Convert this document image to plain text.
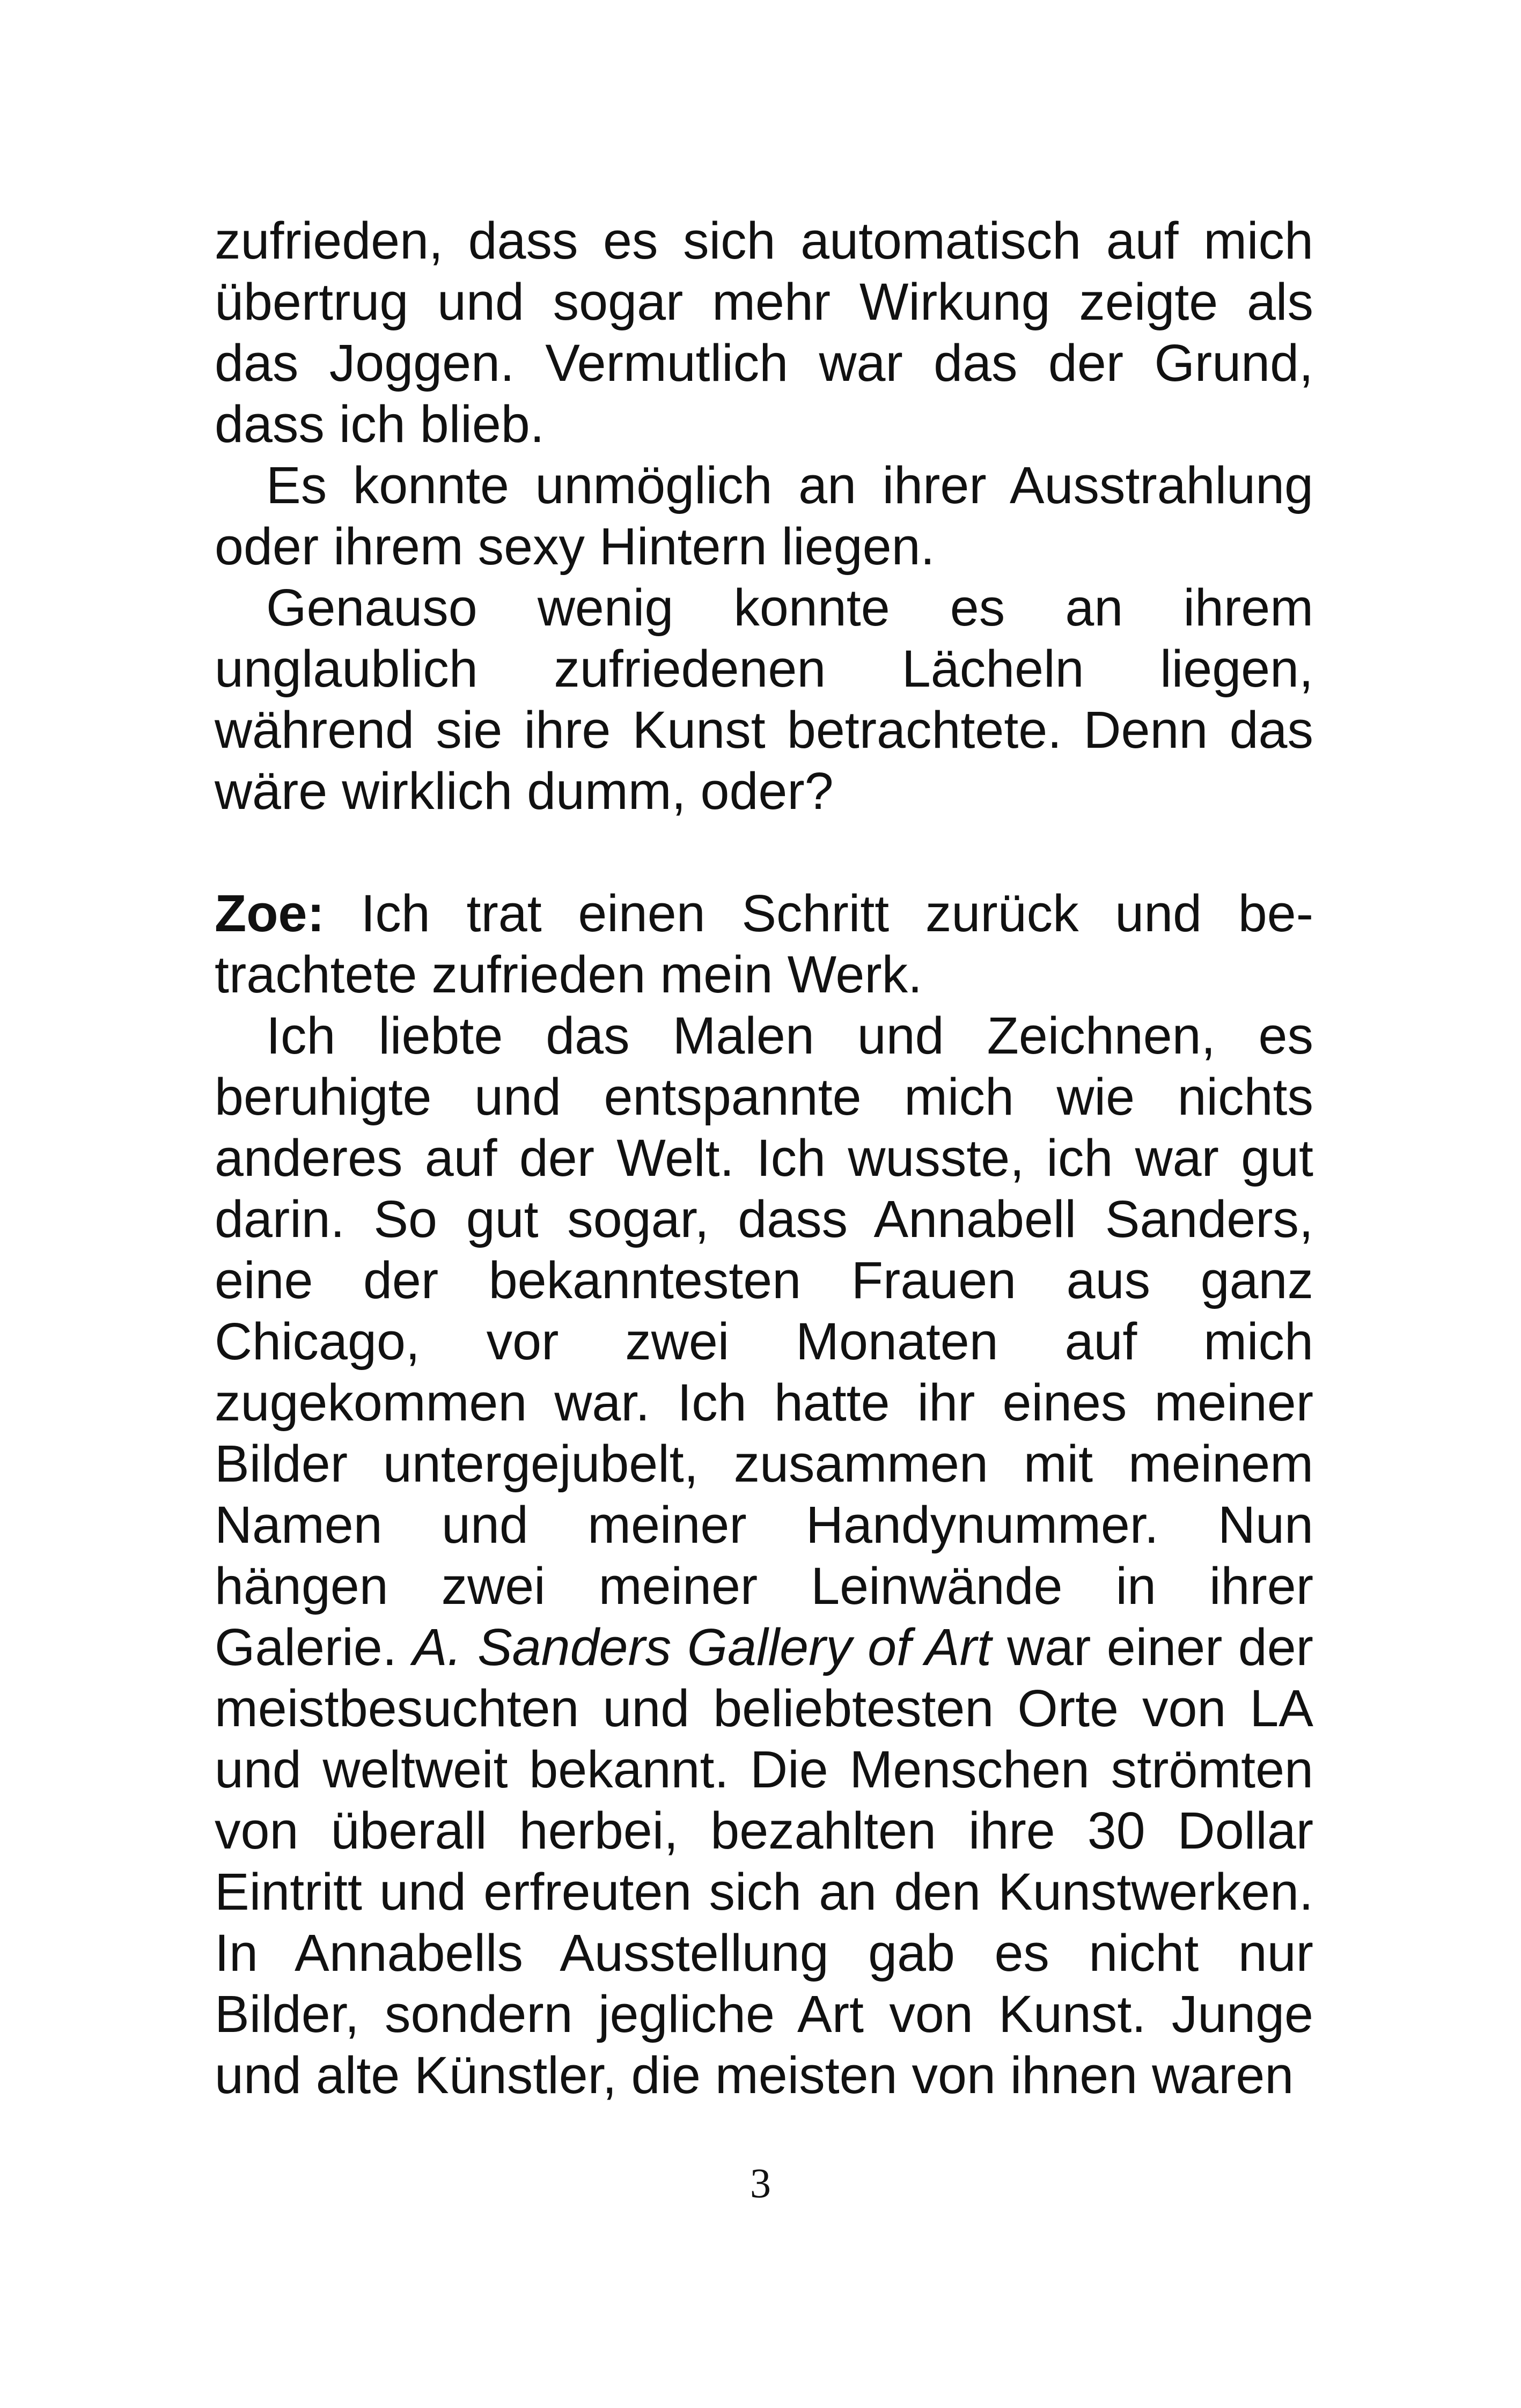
zufrieden, dass es sich automatisch auf mich übertrug und sogar mehr Wirkung zeigte als das Joggen. Vermutlich war das der Grund, dass ich blieb.

Es konnte unmöglich an ihrer Ausstrahlung oder ihrem sexy Hintern liegen.

Genauso wenig konnte es an ihrem unglaublich zufriedenen Lächeln liegen, während sie ihre Kunst betrachtete. Denn das wäre wirklich dumm, oder?

Zoe: Ich trat einen Schritt zurück und betrachtete zufrieden mein Werk.

Ich liebte das Malen und Zeichnen, es beruhigte und entspannte mich wie nichts anderes auf der Welt. Ich wusste, ich war gut darin. So gut sogar, dass Annabell Sanders, eine der bekanntesten Frauen aus ganz Chicago, vor zwei Monaten auf mich zugekommen war. Ich hatte ihr eines meiner Bilder untergejubelt, zusammen mit meinem Namen und meiner Handynummer. Nun hängen zwei meiner Leinwände in ihrer Galerie. A. Sanders Gallery of Art war einer der meistbesuchten und beliebtesten Orte von LA und weltweit bekannt. Die Menschen strömten von überall herbei, bezahlten ihre 30 Dollar Eintritt und erfreuten sich an den Kunstwerken. In Annabells Ausstellung gab es nicht nur Bilder, sondern jegliche Art von Kunst. Junge und alte Künstler, die meisten von ihnen waren

3
